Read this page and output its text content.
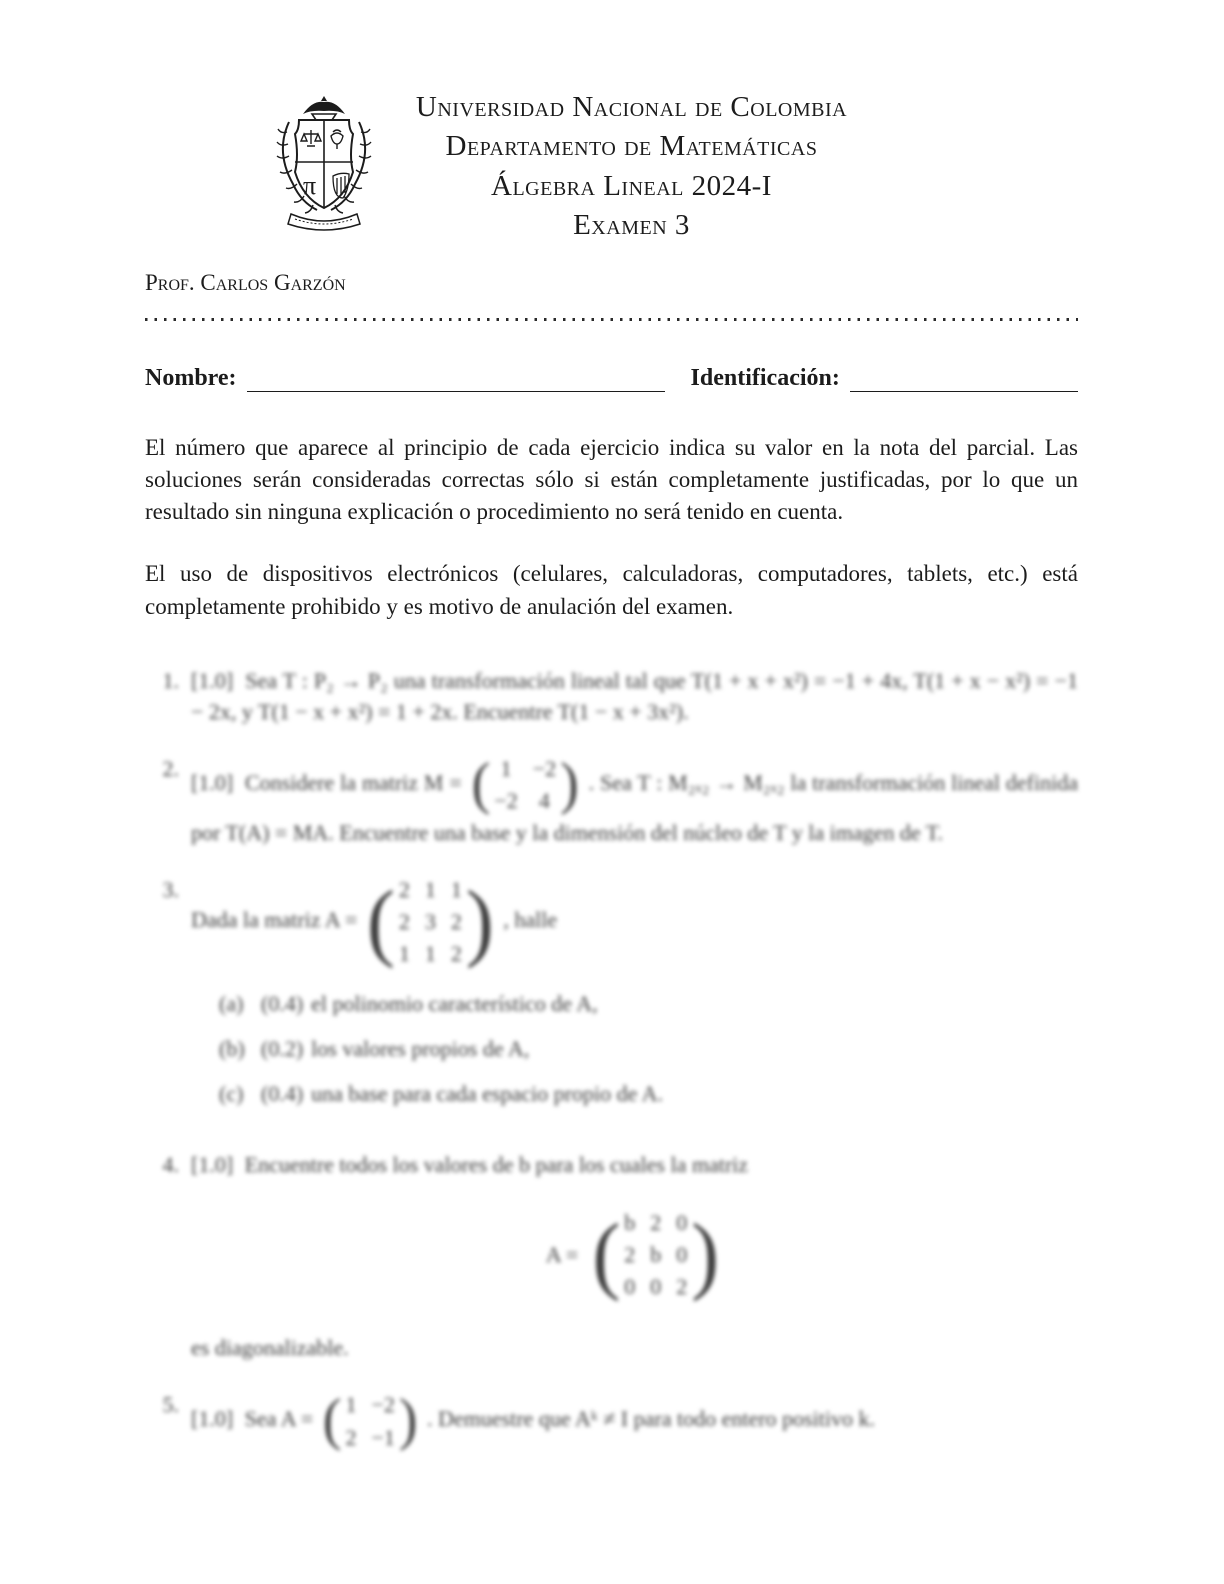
π
Universidad Nacional de Colombia
Departamento de Matemáticas
Álgebra Lineal 2024-I
Examen 3
Prof. Carlos Garzón
Nombre:	Identificación:
El número que aparece al principio de cada ejercicio indica su valor en la nota del parcial. Las soluciones serán consideradas correctas sólo si están completamente justificadas, por lo que un resultado sin ninguna explicación o procedimiento no será tenido en cuenta.
El uso de dispositivos electrónicos (celulares, calculadoras, computadores, tablets, etc.) está completamente prohibido y es motivo de anulación del examen.
1. [1.0] Sea T : P₂ → P₂ una transformación lineal tal que T(1 + x + x²) = −1 + 4x, T(1 + x − x²) = −1 − 2x, y T(1 − x + x²) = 1 + 2x. Encuentre T(1 − x + 3x²).
2.
[1.0] Considere la matriz M = ( 1 −2
−2 4 ) . Sea T : M₂ₓ₂ → M₂ₓ₂ la transformación lineal definida por T(A) = MA. Encuentre una base y la dimensión del núcleo de T y la imagen de T.
3.
Dada la matriz A = ( 2 1 1
2 3 2
1 1 2 ) , halle
(a) (0.4) el polinomio característico de A,
(b) (0.2) los valores propios de A,
(c) (0.4) una base para cada espacio propio de A.
4. [1.0] Encuentre todos los valores de b para los cuales la matriz
A = ( b 2 0
2 b 0
0 0 2 )
es diagonalizable.
5.
[1.0] Sea A = ( 1 −2
2 −1 ) . Demuestre que Aᵏ ≠ I para todo entero positivo k.
